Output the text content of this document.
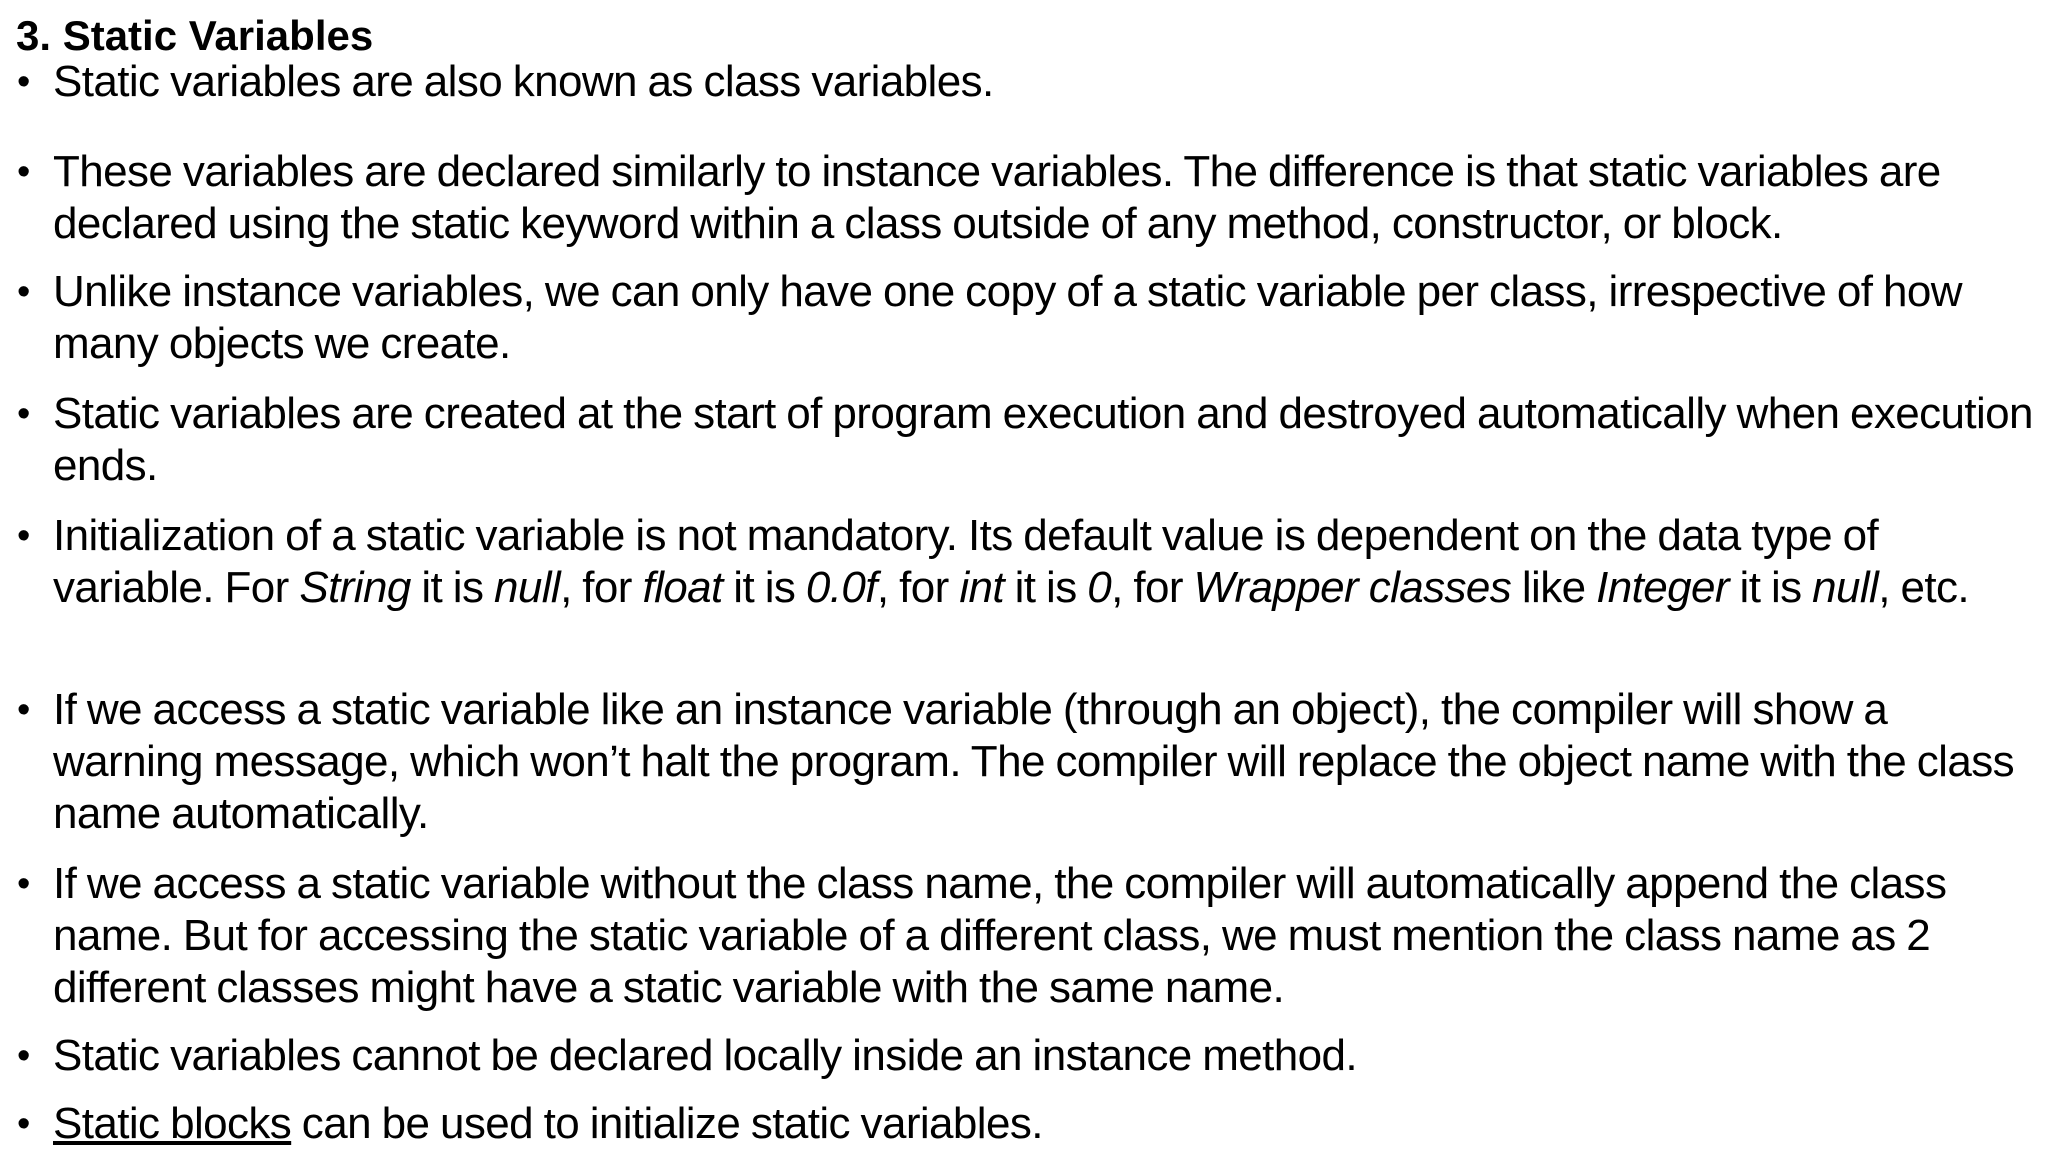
3. Static Variables
• Static variables are also known as class variables.
• These variables are declared similarly to instance variables. The difference is that static variables are declared using the static keyword within a class outside of any method, constructor, or block.
• Unlike instance variables, we can only have one copy of a static variable per class, irrespective of how many objects we create.
• Static variables are created at the start of program execution and destroyed automatically when execution ends.
• Initialization of a static variable is not mandatory. Its default value is dependent on the data type of variable. For String it is null, for float it is 0.0f, for int it is 0, for Wrapper classes like Integer it is null, etc.
• If we access a static variable like an instance variable (through an object), the compiler will show a warning message, which won’t halt the program. The compiler will replace the object name with the class name automatically.
• If we access a static variable without the class name, the compiler will automatically append the class name. But for accessing the static variable of a different class, we must mention the class name as 2 different classes might have a static variable with the same name.
• Static variables cannot be declared locally inside an instance method.
• Static blocks can be used to initialize static variables.
